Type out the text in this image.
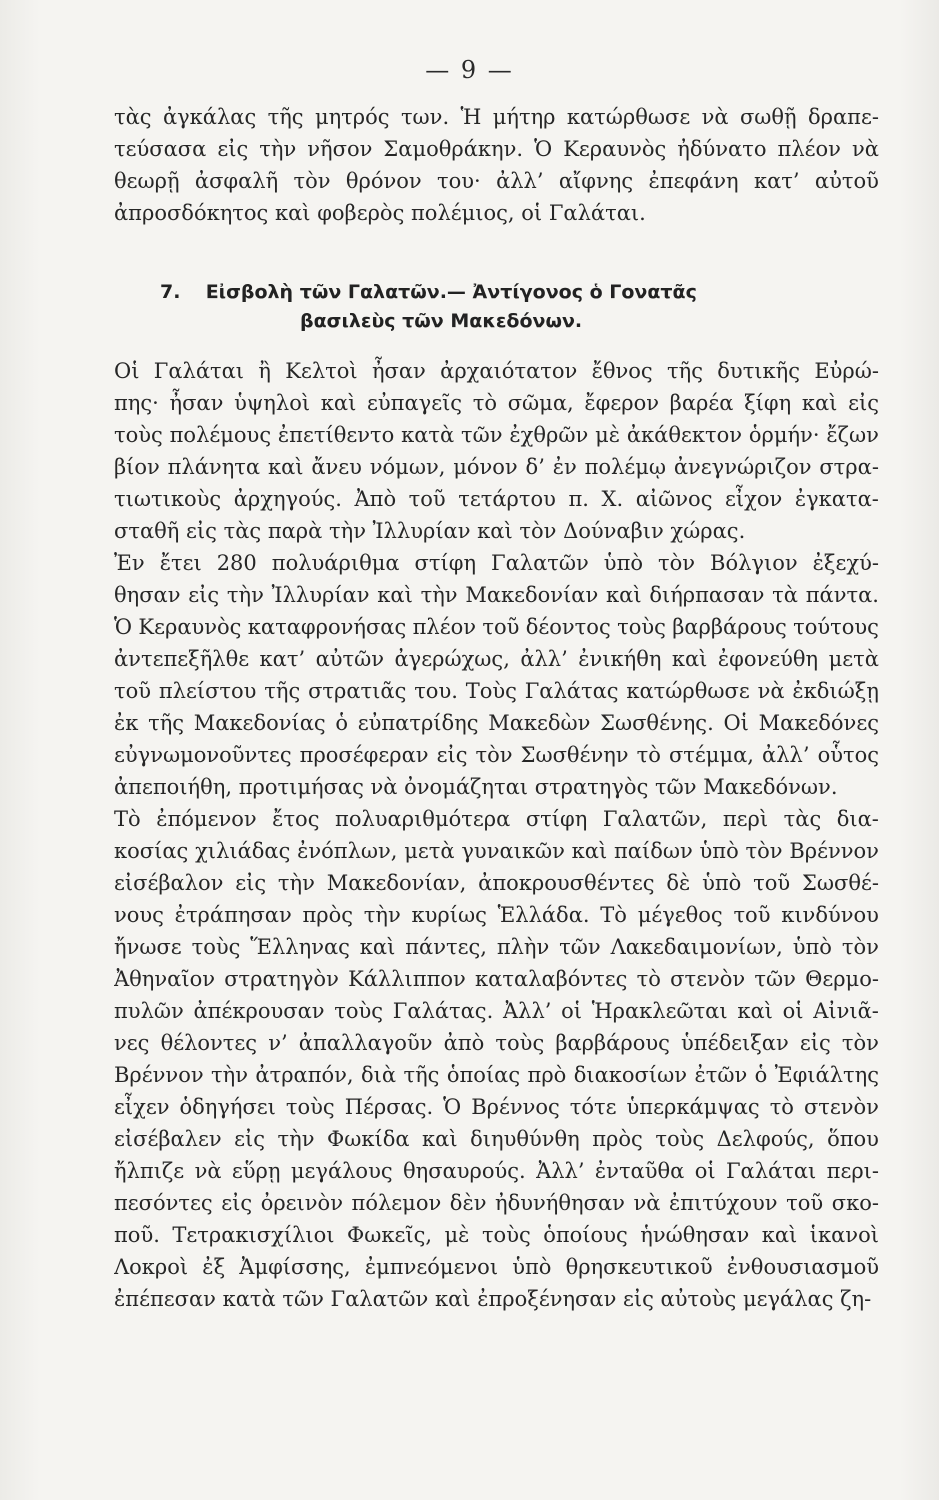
— 9 —
τὰς ἀγκάλας τῆς μητρός των. Ἡ μήτηρ κατώρθωσε νὰ σωθῇ δραπε-
τεύσασα εἰς τὴν νῆσον Σαμοθράκην. Ὁ Κεραυνὸς ἠδύνατο πλέον νὰ
θεωρῇ ἀσφαλῆ τὸν θρόνον του· ἀλλ’ αἴφνης ἐπεφάνη κατ’ αὐτοῦ
ἀπροσδόκητος καὶ φοβερὸς πολέμιος, οἱ Γαλάται.
7. Εἰσβολὴ τῶν Γαλατῶν.— Ἀντίγονος ὁ Γονατᾶς
βασιλεὺς τῶν Μακεδόνων.
Οἱ Γαλάται ἢ Κελτοὶ ἦσαν ἀρχαιότατον ἔθνος τῆς δυτικῆς Εὐρώ-
πης· ἦσαν ὑψηλοὶ καὶ εὐπαγεῖς τὸ σῶμα, ἔφερον βαρέα ξίφη καὶ εἰς
τοὺς πολέμους ἐπετίθεντο κατὰ τῶν ἐχθρῶν μὲ ἀκάθεκτον ὁρμήν· ἔζων
βίον πλάνητα καὶ ἄνευ νόμων, μόνον δ’ ἐν πολέμῳ ἀνεγνώριζον στρα-
τιωτικοὺς ἀρχηγούς. Ἀπὸ τοῦ τετάρτου π. Χ. αἰῶνος εἶχον ἐγκατα-
σταθῆ εἰς τὰς παρὰ τὴν Ἰλλυρίαν καὶ τὸν Δούναβιν χώρας.
Ἐν ἔτει 280 πολυάριθμα στίφη Γαλατῶν ὑπὸ τὸν Βόλγιον ἐξεχύ-
θησαν εἰς τὴν Ἰλλυρίαν καὶ τὴν Μακεδονίαν καὶ διήρπασαν τὰ πάντα.
Ὁ Κεραυνὸς καταφρονήσας πλέον τοῦ δέοντος τοὺς βαρβάρους τούτους
ἀντεπεξῆλθε κατ’ αὐτῶν ἀγερώχως, ἀλλ’ ἐνικήθη καὶ ἐφονεύθη μετὰ
τοῦ πλείστου τῆς στρατιᾶς του. Τοὺς Γαλάτας κατώρθωσε νὰ ἐκδιώξῃ
ἐκ τῆς Μακεδονίας ὁ εὐπατρίδης Μακεδὼν Σωσθένης. Οἱ Μακεδόνες
εὐγνωμονοῦντες προσέφεραν εἰς τὸν Σωσθένην τὸ στέμμα, ἀλλ’ οὗτος
ἀπεποιήθη, προτιμήσας νὰ ὀνομάζηται στρατηγὸς τῶν Μακεδόνων.
Τὸ ἐπόμενον ἔτος πολυαριθμότερα στίφη Γαλατῶν, περὶ τὰς δια-
κοσίας χιλιάδας ἐνόπλων, μετὰ γυναικῶν καὶ παίδων ὑπὸ τὸν Βρέννον
εἰσέβαλον εἰς τὴν Μακεδονίαν, ἀποκρουσθέντες δὲ ὑπὸ τοῦ Σωσθέ-
νους ἐτράπησαν πρὸς τὴν κυρίως Ἑλλάδα. Τὸ μέγεθος τοῦ κινδύνου
ἤνωσε τοὺς Ἕλληνας καὶ πάντες, πλὴν τῶν Λακεδαιμονίων, ὑπὸ τὸν
Ἀθηναῖον στρατηγὸν Κάλλιππον καταλαβόντες τὸ στενὸν τῶν Θερμο-
πυλῶν ἀπέκρουσαν τοὺς Γαλάτας. Ἀλλ’ οἱ Ἡρακλεῶται καὶ οἱ Αἰνιᾶ-
νες θέλοντες ν’ ἀπαλλαγοῦν ἀπὸ τοὺς βαρβάρους ὑπέδειξαν εἰς τὸν
Βρέννον τὴν ἀτραπόν, διὰ τῆς ὁποίας πρὸ διακοσίων ἐτῶν ὁ Ἐφιάλτης
εἶχεν ὁδηγήσει τοὺς Πέρσας. Ὁ Βρέννος τότε ὑπερκάμψας τὸ στενὸν
εἰσέβαλεν εἰς τὴν Φωκίδα καὶ διηυθύνθη πρὸς τοὺς Δελφούς, ὅπου
ἤλπιζε νὰ εὕρῃ μεγάλους θησαυρούς. Ἀλλ’ ἐνταῦθα οἱ Γαλάται περι-
πεσόντες εἰς ὀρεινὸν πόλεμον δὲν ἠδυνήθησαν νὰ ἐπιτύχουν τοῦ σκο-
ποῦ. Τετρακισχίλιοι Φωκεῖς, μὲ τοὺς ὁποίους ἡνώθησαν καὶ ἱκανοὶ
Λοκροὶ ἐξ Ἀμφίσσης, ἐμπνεόμενοι ὑπὸ θρησκευτικοῦ ἐνθουσιασμοῦ
ἐπέπεσαν κατὰ τῶν Γαλατῶν καὶ ἐπροξένησαν εἰς αὐτοὺς μεγάλας ζη-
